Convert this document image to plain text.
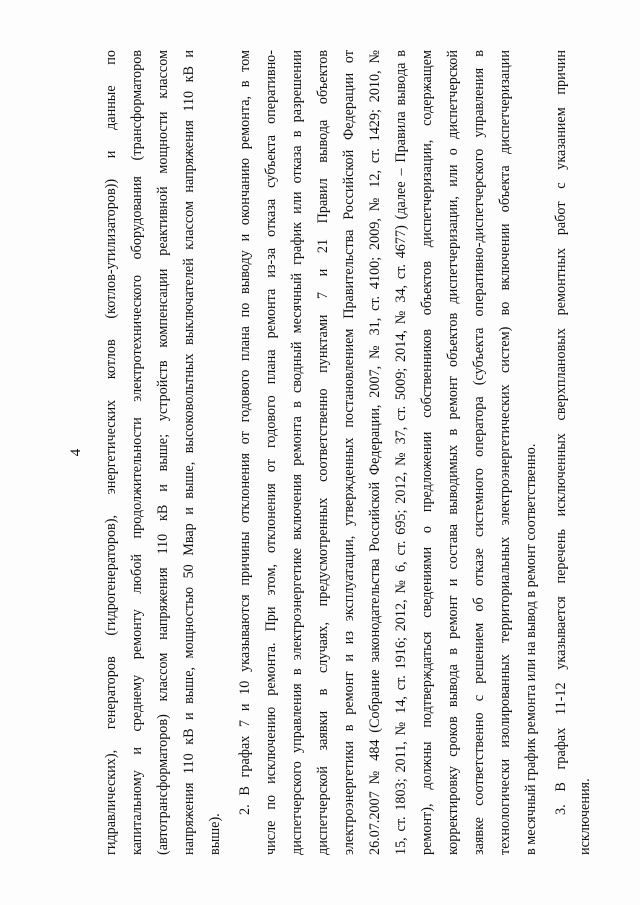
4 гидравлических), генераторов (гидрогенераторов), энергетических котлов (котлов-утилизаторов)) и данные по капитальному и среднему ремонту любой продолжительности электротехнического оборудования (трансформаторов (автотрансформаторов) классом напряжения 110 кВ и выше; устройств компенсации реактивной мощности классом напряжения 110 кВ и выше, мощностью 50 Мвар и выше, высоковольтных выключателей классом напряжения 110 кВ и выше).
2. В графах 7 и 10 указываются причины отклонения от годового плана по выводу и окончанию ремонта, в том числе по исключению ремонта. При этом, отклонения от годового плана ремонта из-за отказа субъекта оперативно- диспетчерского управления в электроэнергетике включения ремонта в сводный месячный график или отказа в разрешении диспетчерской заявки в случаях, предусмотренных соответственно пунктами 7 и 21 Правил вывода объектов электроэнергетики в ремонт и из эксплуатации, утвержденных постановлением Правительства Российской Федерации от 26.07.2007 № 484 (Собрание законодательства Российской Федерации, 2007, № 31, ст. 4100; 2009, № 12, ст. 1429; 2010, № 15, ст. 1803; 2011, № 14, ст. 1916; 2012, № 6, ст. 695; 2012, № 37, ст. 5009; 2014, № 34, ст. 4677) (далее – Правила вывода в ремонт), должны подтверждаться сведениями о предложении собственников объектов диспетчеризации, содержащем корректировку сроков вывода в ремонт и состава выводимых в ремонт объектов диспетчеризации, или о диспетчерской заявке соответственно с решением об отказе системного оператора (субъекта оперативно-диспетчерского управления в технологически изолированных территориальных электроэнергетических систем) во включении объекта диспетчеризации в месячный график ремонта или на вывод в ремонт соответственно. 3. В графах 11-12 указывается перечень исключенных сверхплановых ремонтных работ с указанием причин
исключения.
